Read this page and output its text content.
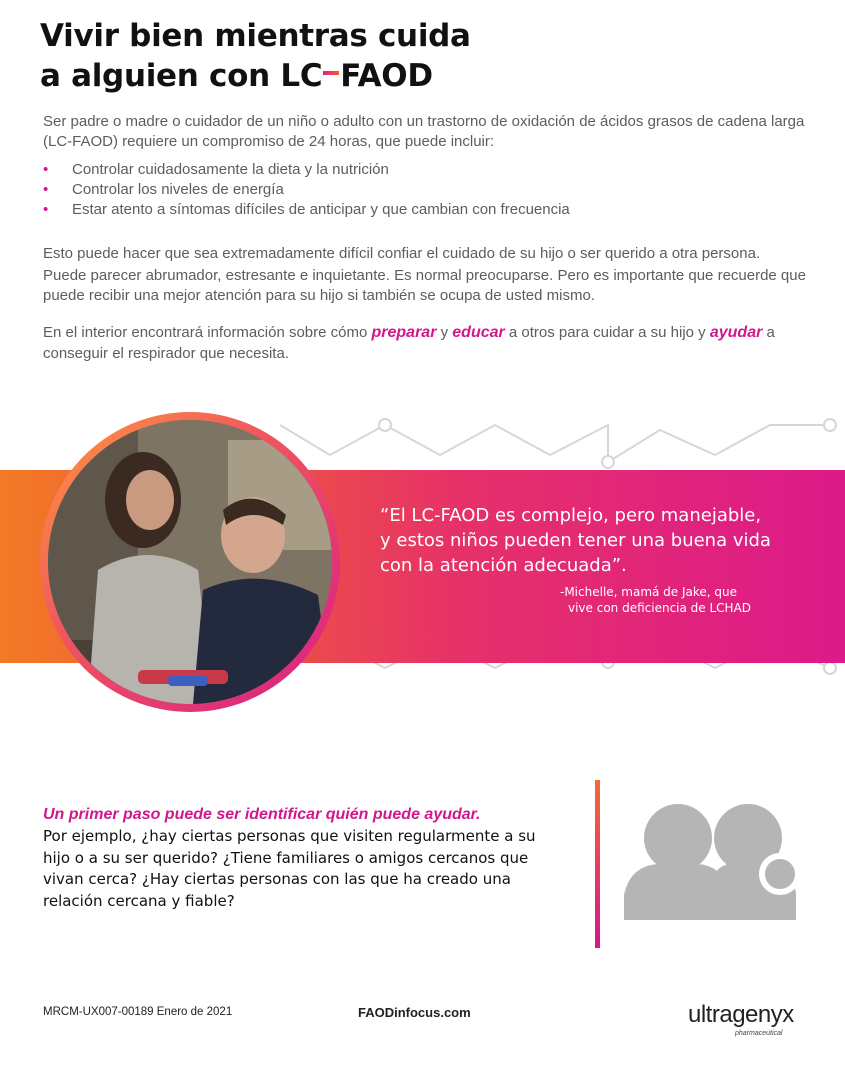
Vivir bien mientras cuida
a alguien con LC FAOD

Ser padre o madre o cuidador de un niño o adulto con un trastorno de oxidación de ácidos grasos de cadena larga (LC-FAOD) requiere un compromiso de 24 horas, que puede incluir:

• Controlar cuidadosamente la dieta y la nutrición
• Controlar los niveles de energía
• Estar atento a síntomas difíciles de anticipar y que cambian con frecuencia

Esto puede hacer que sea extremadamente difícil confiar el cuidado de su hijo o ser querido a otra persona.
Puede parecer abrumador, estresante e inquietante. Es normal preocuparse. Pero es importante que recuerde que puede recibir una mejor atención para su hijo si también se ocupa de usted mismo.

En el interior encontrará información sobre cómo preparar y educar a otros para cuidar a su hijo y ayudar a conseguir el respirador que necesita.

“El LC-FAOD es complejo, pero manejable,
y estos niños pueden tener una buena vida
con la atención adecuada”.
-Michelle, mamá de Jake, que
vive con deficiencia de LCHAD

Un primer paso puede ser identificar quién puede ayudar.

Por ejemplo, ¿hay ciertas personas que visiten regularmente a su
hijo o a su ser querido? ¿Tiene familiares o amigos cercanos que
vivan cerca? ¿Hay ciertas personas con las que ha creado una
relación cercana y fiable?

MRCM-UX007-00189 Enero de 2021	FAODinfocus.com	ultragenyx
pharmaceutical
